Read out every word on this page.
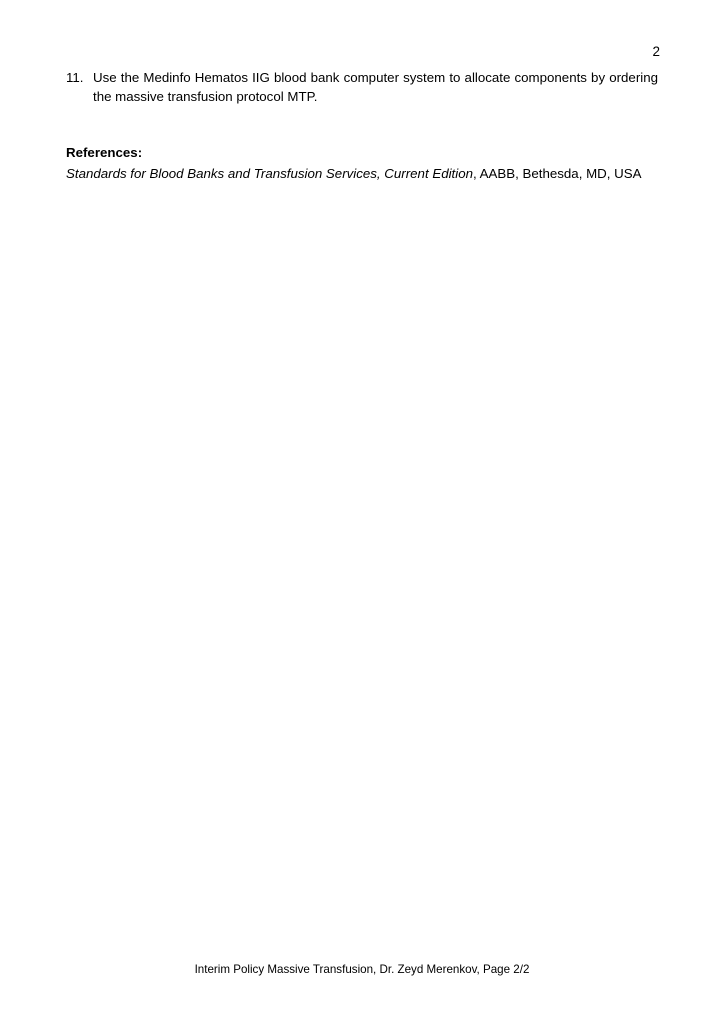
2
11. Use the Medinfo Hematos IIG blood bank computer system to allocate components by ordering the massive transfusion protocol MTP.
References:

Standards for Blood Banks and Transfusion Services, Current Edition, AABB, Bethesda, MD, USA

Interim Policy Massive Transfusion, Dr. Zeyd Merenkov, Page 2/2
